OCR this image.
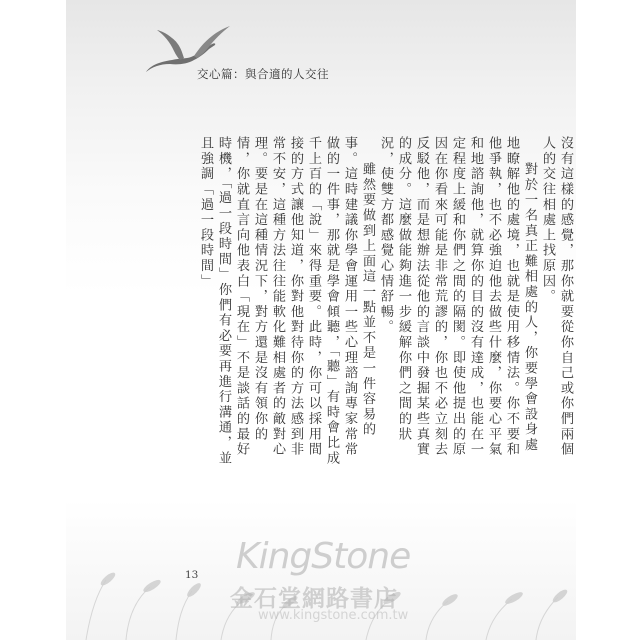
交心篇：與合適的人交往

沒有這樣的感覺，那你就要從你自己或你們兩個人的交往相處上找原因。

對於一名真正難相處的人，你要學會設身處地瞭解他的處境，也就是使用移情法。你不要和他爭執，也不必強迫他去做些什麼，你要心平氣和地諮詢他，就算你的目的沒有達成，也能在一定程度上緩和你們之間的隔閡。即使他提出的原因在你看來可能是非常荒謬的，你也不必立刻去反駁他，而是想辦法從他的言談中發掘某些真實的成分。這麼做能夠進一步緩解你們之間的狀況，使雙方都感覺心情舒暢。

雖然要做到上面這一點並不是一件容易的事。這時建議你學會運用一些心理諮詢專家常常做的一件事，那就是學會傾聽，「聽」有時會比成千上百的「說」來得重要。此時，你可以採用間接的方式讓他知道，你對他對待你的方法感到非常不安，這種方法往往能軟化難相處者的敵對心理。要是在這種情況下，對方還是沒有領你的情，你就直言向他表白「現在」不是談話的最好時機，「過一段時間」你們有必要再進行溝通，並且強調「過一段時間」

13 KingStone
金石堂網路書店
www.kingstone.com.tw
